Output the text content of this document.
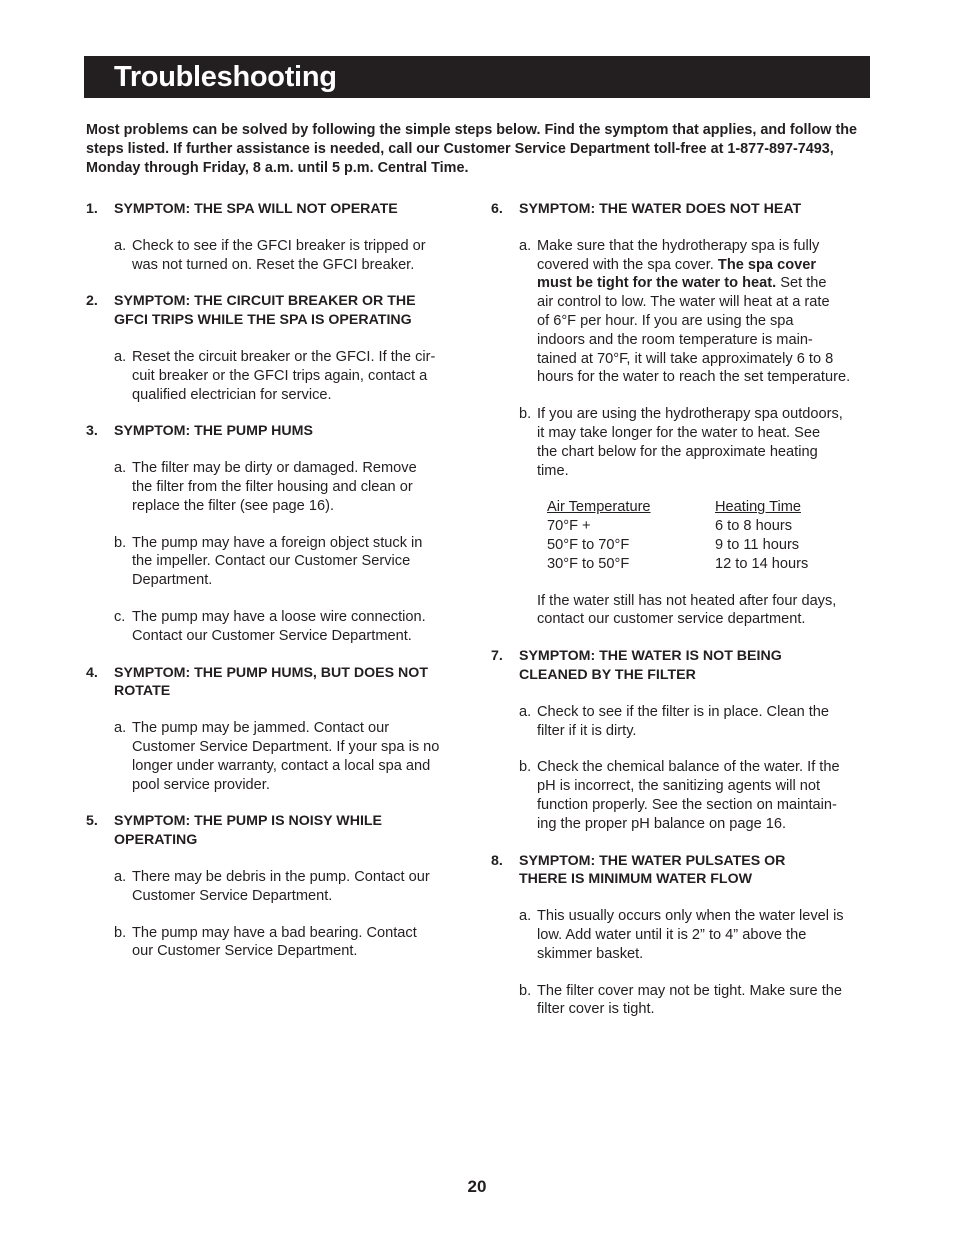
Troubleshooting
Most problems can be solved by following the simple steps below. Find the symptom that applies, and follow the steps listed. If further assistance is needed, call our Customer Service Department toll-free at 1-877-897-7493, Monday through Friday, 8 a.m. until 5 p.m. Central Time.
1. SYMPTOM: THE SPA WILL NOT OPERATE
a. Check to see if the GFCI breaker is tripped or
was not turned on. Reset the GFCI breaker.
2. SYMPTOM: THE CIRCUIT BREAKER OR THE
GFCI TRIPS WHILE THE SPA IS OPERATING
a. Reset the circuit breaker or the GFCI. If the cir-
cuit breaker or the GFCI trips again, contact a
qualified electrician for service.
3. SYMPTOM: THE PUMP HUMS
a. The filter may be dirty or damaged. Remove
the filter from the filter housing and clean or
replace the filter (see page 16).
b. The pump may have a foreign object stuck in
the impeller. Contact our Customer Service
Department.
c. The pump may have a loose wire connection.
Contact our Customer Service Department.
4. SYMPTOM: THE PUMP HUMS, BUT DOES NOT
ROTATE
a. The pump may be jammed. Contact our
Customer Service Department. If your spa is no
longer under warranty, contact a local spa and
pool service provider.
5. SYMPTOM: THE PUMP IS NOISY WHILE
OPERATING
a. There may be debris in the pump. Contact our
Customer Service Department.
b. The pump may have a bad bearing. Contact
our Customer Service Department.
6. SYMPTOM: THE WATER DOES NOT HEAT
a. Make sure that the hydrotherapy spa is fully
covered with the spa cover. The spa cover
must be tight for the water to heat. Set the
air control to low. The water will heat at a rate
of 6°F per hour. If you are using the spa
indoors and the room temperature is main-
tained at 70°F, it will take approximately 6 to 8
hours for the water to reach the set temperature.
b. If you are using the hydrotherapy spa outdoors,
it may take longer for the water to heat. See
the chart below for the approximate heating
time.
Air Temperature	Heating Time
70°F +	6 to 8 hours
50°F to 70°F	9 to 11 hours
30°F to 50°F	12 to 14 hours
If the water still has not heated after four days,
contact our customer service department.
7. SYMPTOM: THE WATER IS NOT BEING
CLEANED BY THE FILTER
a. Check to see if the filter is in place. Clean the
filter if it is dirty.
b. Check the chemical balance of the water. If the
pH is incorrect, the sanitizing agents will not
function properly. See the section on maintain-
ing the proper pH balance on page 16.
8. SYMPTOM: THE WATER PULSATES OR
THERE IS MINIMUM WATER FLOW
a. This usually occurs only when the water level is
low. Add water until it is 2” to 4” above the
skimmer basket.
b. The filter cover may not be tight. Make sure the
filter cover is tight.
20
